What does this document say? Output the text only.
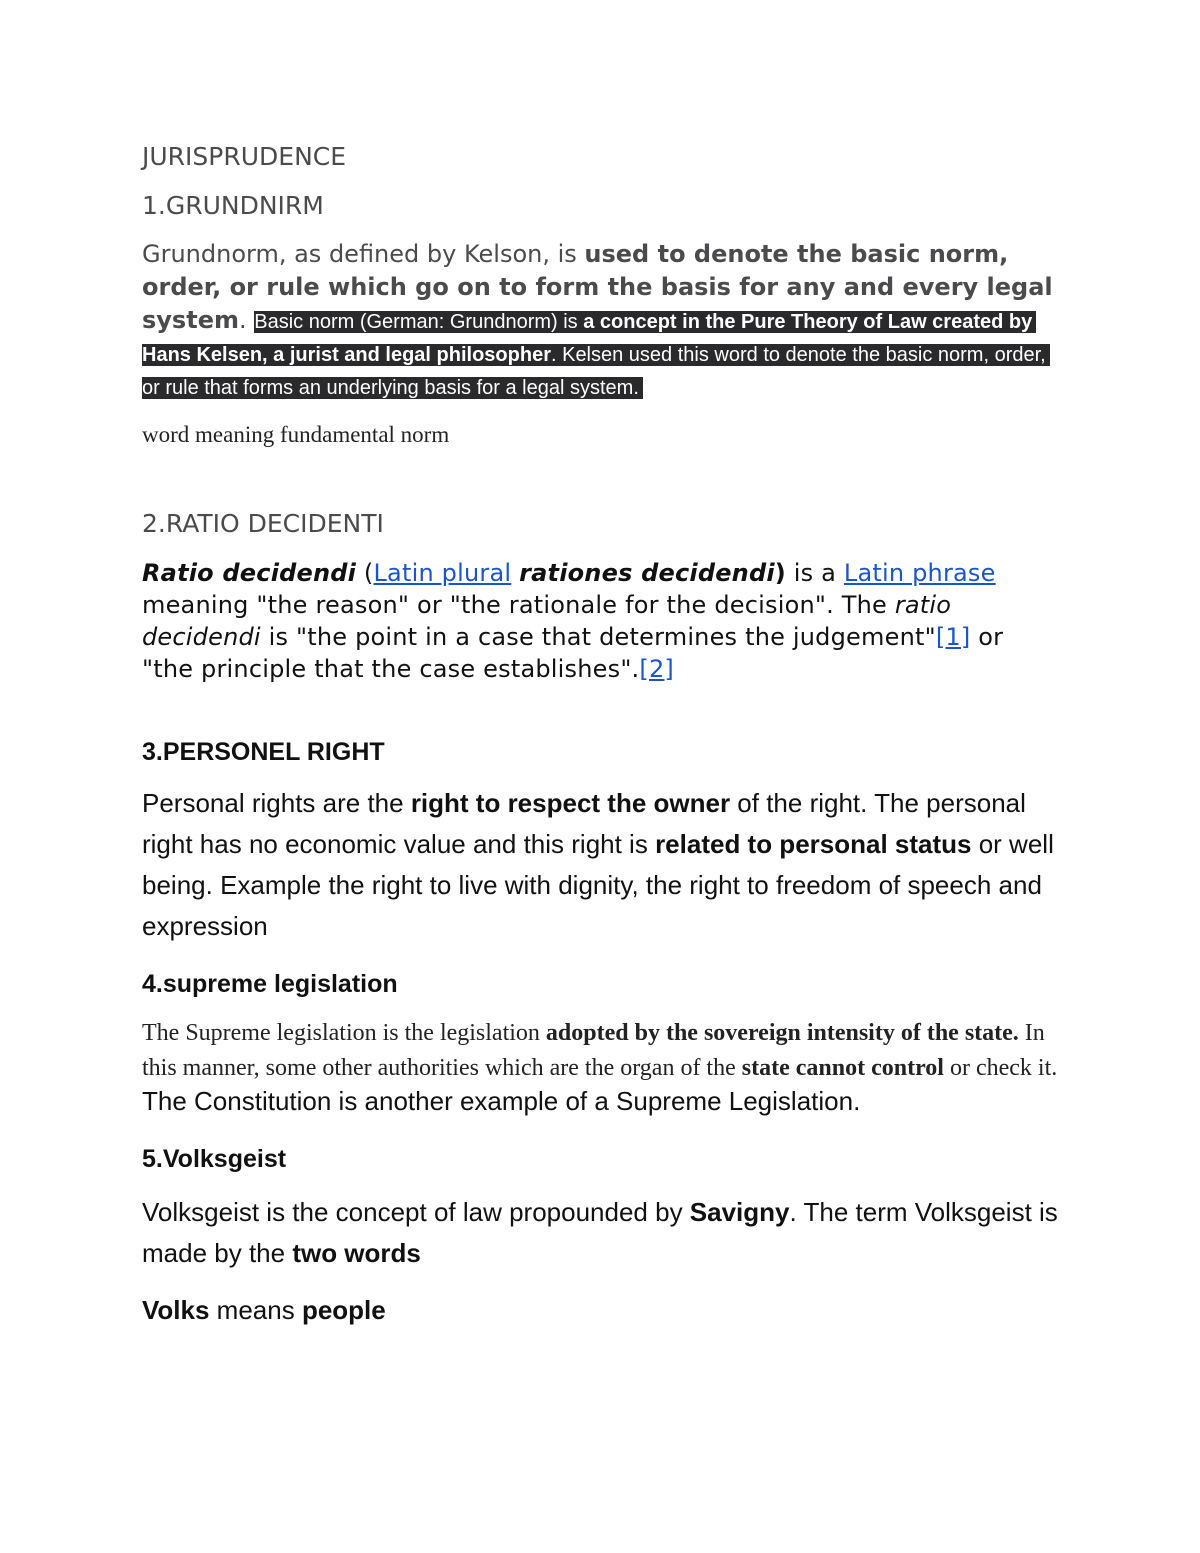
JURISPRUDENCE
1.GRUNDNIRM

Grundnorm, as defined by Kelson, is used to denote the basic norm, order, or rule which go on to form the basis for any and every legal system. Basic norm (German: Grundnorm) is a concept in the Pure Theory of Law created by Hans Kelsen, a jurist and legal philosopher. Kelsen used this word to denote the basic norm, order, or rule that forms an underlying basis for a legal system.

word meaning fundamental norm

2.RATIO DECIDENTI

Ratio decidendi (Latin plural rationes decidendi) is a Latin phrase meaning "the reason" or "the rationale for the decision". The ratio decidendi is "the point in a case that determines the judgement"[1] or "the principle that the case establishes".[2]

3.PERSONEL RIGHT

Personal rights are the right to respect the owner of the right. The personal right has no economic value and this right is related to personal status or well being. Example the right to live with dignity, the right to freedom of speech and expression

4.supreme legislation

The Supreme legislation is the legislation adopted by the sovereign intensity of the state. In this manner, some other authorities which are the organ of the state cannot control or check it. The Constitution is another example of a Supreme Legislation.

5.Volksgeist

Volksgeist is the concept of law propounded by Savigny. The term Volksgeist is made by the two words

Volks means people
